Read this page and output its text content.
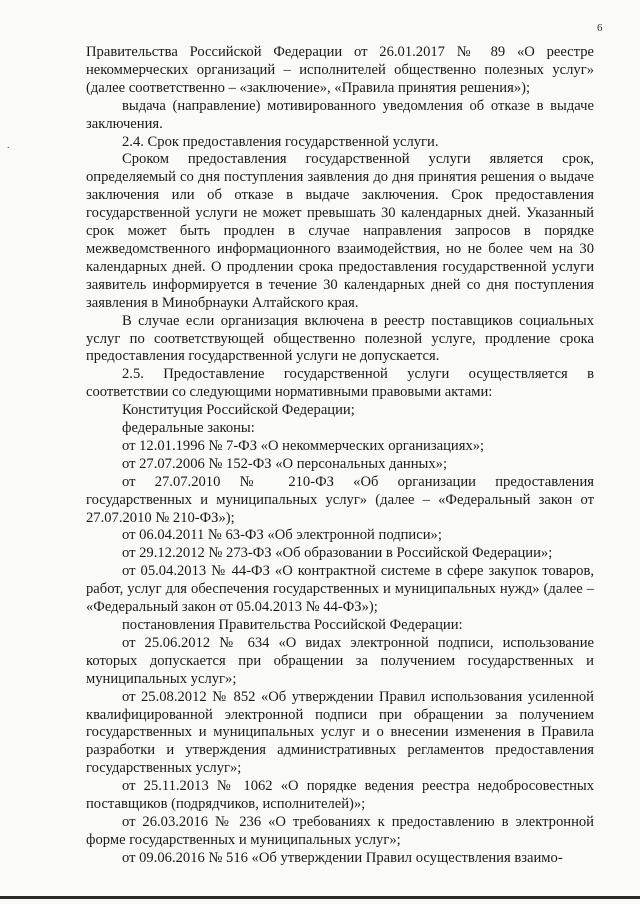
6
.

Правительства Российской Федерации от 26.01.2017 № 89 «О реестре некоммерческих организаций – исполнителей общественно полезных услуг» (далее соответственно – «заключение», «Правила принятия решения»);

выдача (направление) мотивированного уведомления об отказе в выдаче заключения.

2.4. Срок предоставления государственной услуги.

Сроком предоставления государственной услуги является срок, определяемый со дня поступления заявления до дня принятия решения о выдаче заключения или об отказе в выдаче заключения. Срок предоставления государственной услуги не может превышать 30 календарных дней. Указанный срок может быть продлен в случае направления запросов в порядке межведомственного информационного взаимодействия, но не более чем на 30 календарных дней. О продлении срока предоставления государственной услуги заявитель информируется в течение 30 календарных дней со дня поступления заявления в Минобрнауки Алтайского края.

В случае если организация включена в реестр поставщиков социальных услуг по соответствующей общественно полезной услуге, продление срока предоставления государственной услуги не допускается.

2.5. Предоставление государственной услуги осуществляется в соответствии со следующими нормативными правовыми актами:

Конституция Российской Федерации;

федеральные законы:

от 12.01.1996 № 7-ФЗ «О некоммерческих организациях»;

от 27.07.2006 № 152-ФЗ «О персональных данных»;

от 27.07.2010 № 210-ФЗ «Об организации предоставления государственных и муниципальных услуг» (далее – «Федеральный закон от 27.07.2010 № 210-ФЗ»);

от 06.04.2011 № 63-ФЗ «Об электронной подписи»;

от 29.12.2012 № 273-ФЗ «Об образовании в Российской Федерации»;

от 05.04.2013 № 44-ФЗ «О контрактной системе в сфере закупок товаров, работ, услуг для обеспечения государственных и муниципальных нужд» (далее – «Федеральный закон от 05.04.2013 № 44-ФЗ»);

постановления Правительства Российской Федерации:

от 25.06.2012 № 634 «О видах электронной подписи, использование которых допускается при обращении за получением государственных и муниципальных услуг»;

от 25.08.2012 № 852 «Об утверждении Правил использования усиленной квалифицированной электронной подписи при обращении за получением государственных и муниципальных услуг и о внесении изменения в Правила разработки и утверждения административных регламентов предоставления государственных услуг»;

от 25.11.2013 № 1062 «О порядке ведения реестра недобросовестных поставщиков (подрядчиков, исполнителей)»;

от 26.03.2016 № 236 «О требованиях к предоставлению в электронной форме государственных и муниципальных услуг»;

от 09.06.2016 № 516 «Об утверждении Правил осуществления взаимо-
